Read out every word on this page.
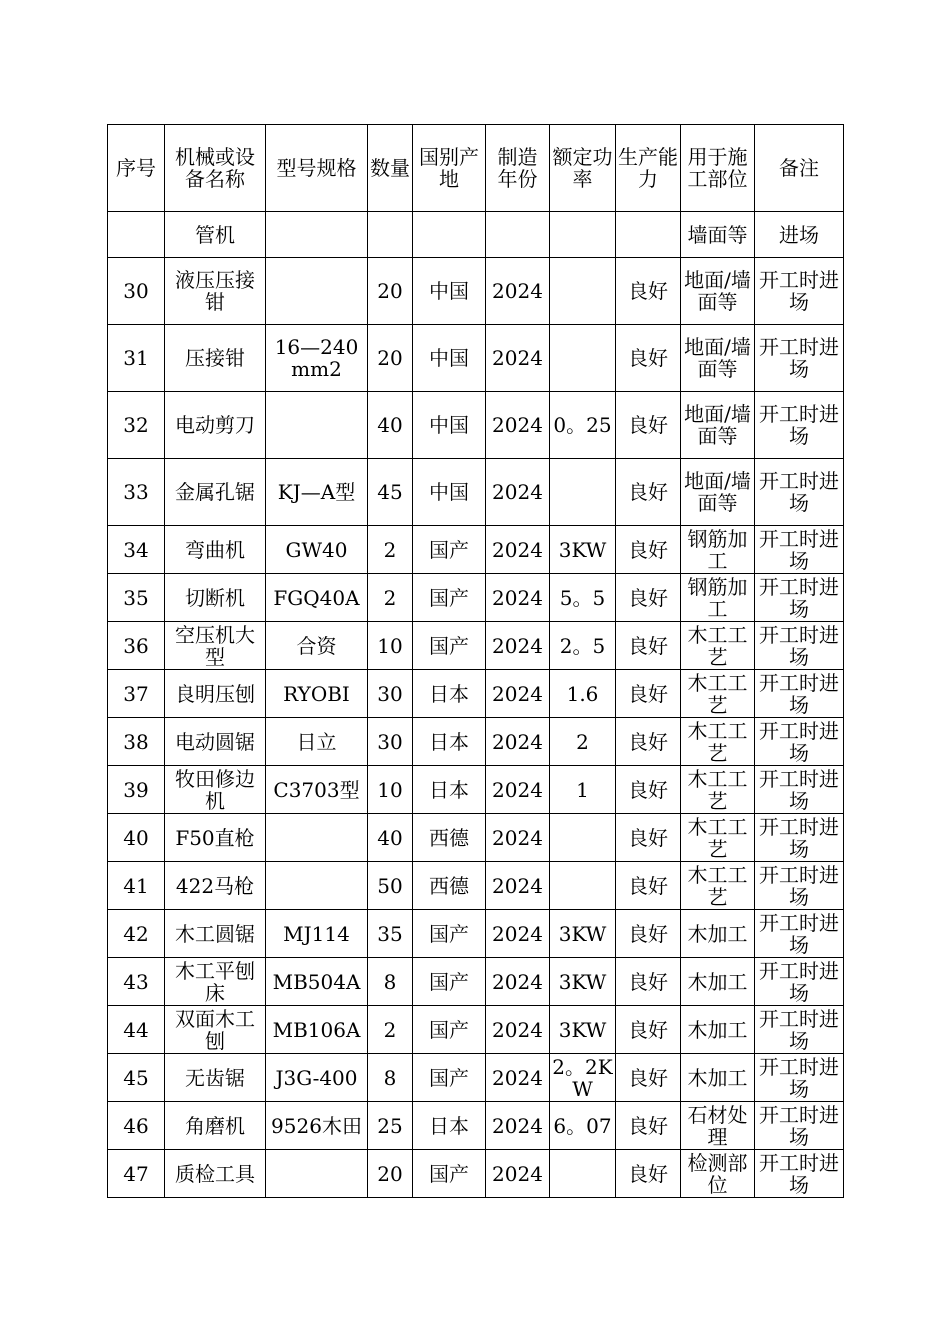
序号	机械或设备名称	型号规格	数量	国别产地	制造年份	额定功率	生产能力	用于施工部位	备注
	管机							墙面等	进场
30	液压压接钳		20	中国	2024		良好	地面/墙面等	开工时进场
31	压接钳	16—240mm2	20	中国	2024		良好	地面/墙面等	开工时进场
32	电动剪刀		40	中国	2024	0。25	良好	地面/墙面等	开工时进场
33	金属孔锯	KJ—A型	45	中国	2024		良好	地面/墙面等	开工时进场
34	弯曲机	GW40	2	国产	2024	3KW	良好	钢筋加工	开工时进场
35	切断机	FGQ40A	2	国产	2024	5。5	良好	钢筋加工	开工时进场
36	空压机大型	合资	10	国产	2024	2。5	良好	木工工艺	开工时进场
37	良明压刨	RYOBI	30	日本	2024	1.6	良好	木工工艺	开工时进场
38	电动圆锯	日立	30	日本	2024	2	良好	木工工艺	开工时进场
39	牧田修边机	C3703型	10	日本	2024	1	良好	木工工艺	开工时进场
40	F50直枪		40	西德	2024		良好	木工工艺	开工时进场
41	422马枪		50	西德	2024		良好	木工工艺	开工时进场
42	木工圆锯	MJ114	35	国产	2024	3KW	良好	木加工	开工时进场
43	木工平刨床	MB504A	8	国产	2024	3KW	良好	木加工	开工时进场
44	双面木工刨	MB106A	2	国产	2024	3KW	良好	木加工	开工时进场
45	无齿锯	J3G-400	8	国产	2024	2。2KW	良好	木加工	开工时进场
46	角磨机	9526木田	25	日本	2024	6。07	良好	石材处理	开工时进场
47	质检工具		20	国产	2024		良好	检测部位	开工时进场
